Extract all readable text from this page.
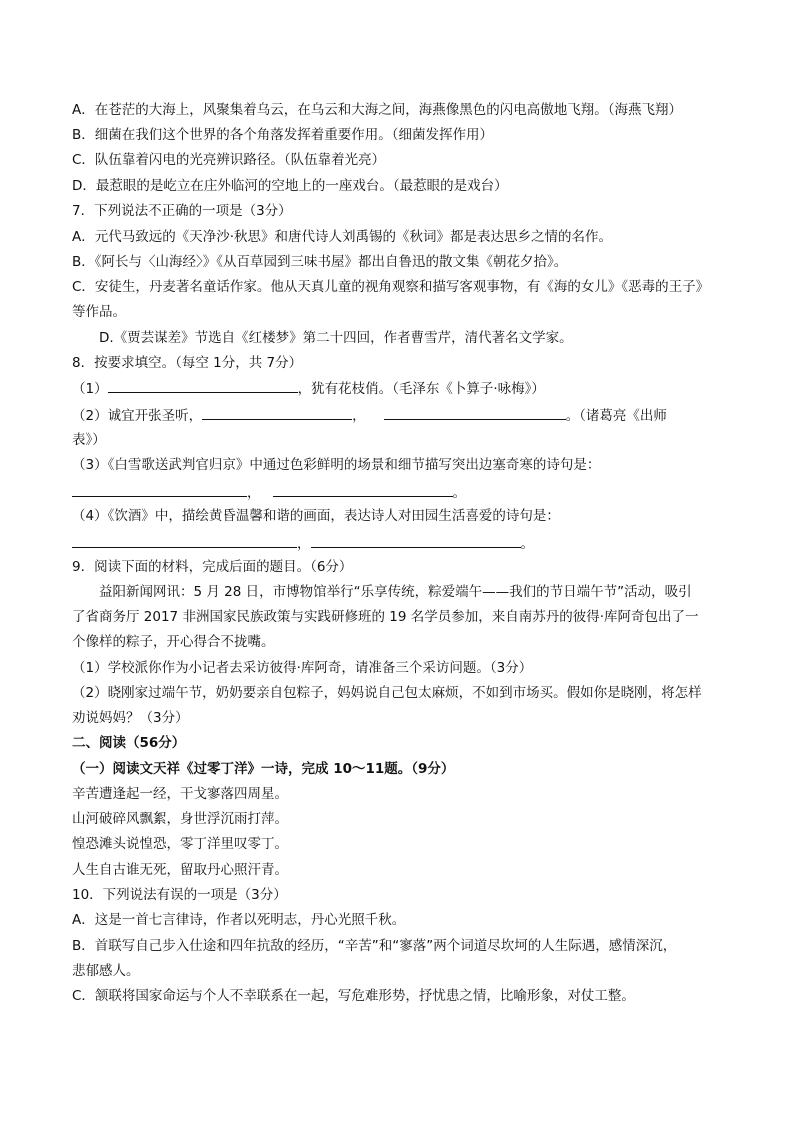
A．在苍茫的大海上，风聚集着乌云，在乌云和大海之间，海燕像黑色的闪电高傲地飞翔。（海燕飞翔）
B．细菌在我们这个世界的各个角落发挥着重要作用。（细菌发挥作用）
C．队伍靠着闪电的光亮辨识路径。（队伍靠着光亮）
D．最惹眼的是屹立在庄外临河的空地上的一座戏台。（最惹眼的是戏台）
7．下列说法不正确的一项是（3分）
A．元代马致远的《天净沙·秋思》和唐代诗人刘禹锡的《秋词》都是表达思乡之情的名作。
B．《阿长与〈山海经〉》《从百草园到三味书屋》都出自鲁迅的散文集《朝花夕拾》。
C．安徒生，丹麦著名童话作家。他从天真儿童的视角观察和描写客观事物，有《海的女儿》《恶毒的王子》
等作品。
D.《贾芸谋差》节选自《红楼梦》第二十四回，作者曹雪芹，清代著名文学家。
8．按要求填空。（每空 1分，共 7分）
（1）	，犹有花枝俏。（毛泽东《卜算子·咏梅》）
（2）诚宜开张圣听，	，	。（诸葛亮《出师
表》）
（3）《白雪歌送武判官归京》中通过色彩鲜明的场景和细节描写突出边塞奇寒的诗句是：
，	。
（4）《饮酒》中，描绘黄昏温馨和谐的画面，表达诗人对田园生活喜爱的诗句是：
，	。
9．阅读下面的材料，完成后面的题目。（6分）
益阳新闻网讯：5 月 28 日，市博物馆举行“乐享传统，粽爱端午——我们的节日端午节”活动，吸引
了省商务厅 2017 非洲国家民族政策与实践研修班的 19 名学员参加，来自南苏丹的彼得·库阿奇包出了一
个像样的粽子，开心得合不拢嘴。
（1）学校派你作为小记者去采访彼得·库阿奇，请准备三个采访问题。（3分）
（2）晓刚家过端午节，奶奶要亲自包粽子，妈妈说自己包太麻烦，不如到市场买。假如你是晓刚，将怎样
劝说妈妈？（3分）
二、阅读（56分）
（一）阅读文天祥《过零丁洋》一诗，完成 10～11题。（9分）
辛苦遭逢起一经，干戈寥落四周星。
山河破碎风飘絮，身世浮沉雨打萍。
惶恐滩头说惶恐，零丁洋里叹零丁。
人生自古谁无死，留取丹心照汗青。
10．下列说法有误的一项是（3分）
A．这是一首七言律诗，作者以死明志，丹心光照千秋。
B．首联写自己步入仕途和四年抗敌的经历，“辛苦”和“寥落”两个词道尽坎坷的人生际遇，感情深沉，
悲郁感人。
C．颔联将国家命运与个人不幸联系在一起，写危难形势，抒忧患之情，比喻形象，对仗工整。
